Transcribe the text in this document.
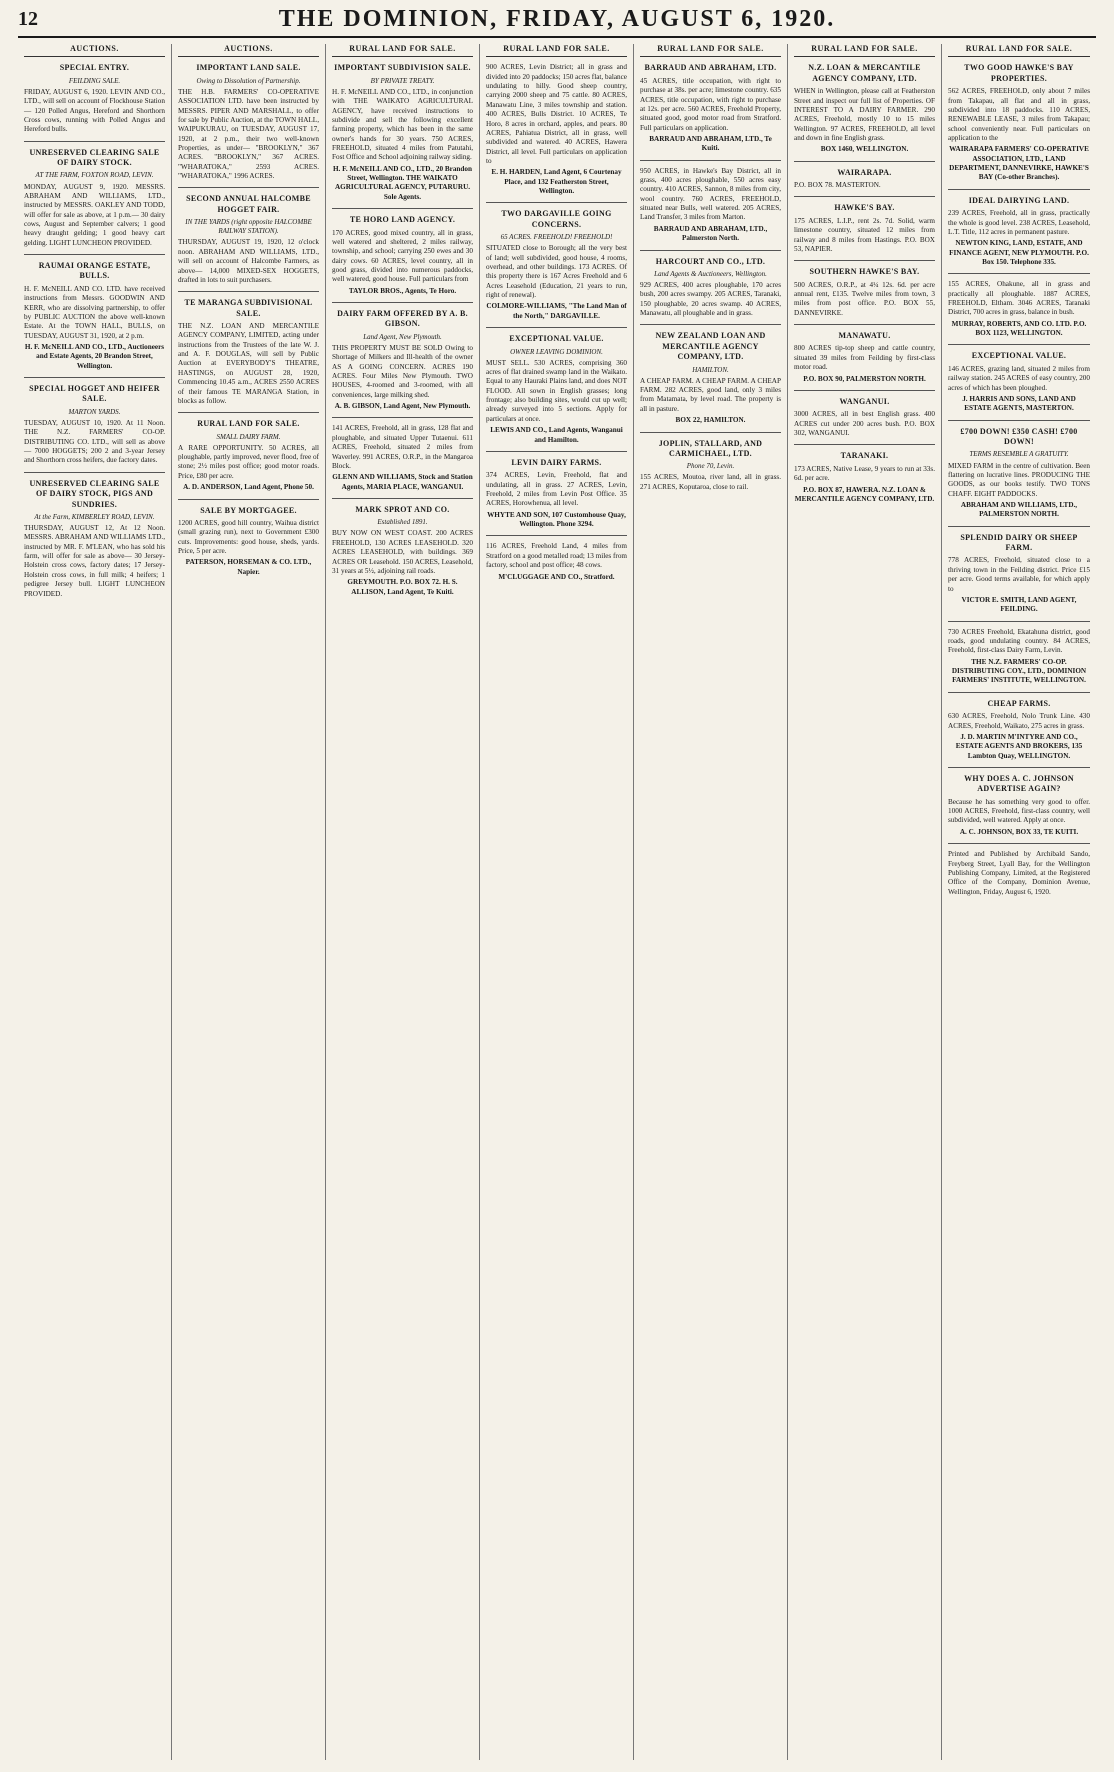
12	THE DOMINION, FRIDAY, AUGUST 6, 1920.
AUCTIONS.
SPECIAL ENTRY.
FEILDING SALE.
FRIDAY, AUGUST 6, 1920. LEVIN AND CO., LTD., will sell on account of Flockhouse Station— 120 Polled Angus, Hereford and Shorthorn Cross cows, running with Polled Angus and Hereford bulls.
UNRESERVED CLEARING SALE OF DAIRY STOCK.
AT THE FARM, FOXTON ROAD, LEVIN.
MONDAY, AUGUST 9, 1920. MESSRS. ABRAHAM AND WILLIAMS, LTD., instructed by MESSRS. OAKLEY AND TODD, will offer for sale as above, at 1 p.m.— 30 dairy cows, August and September calvers; 1 good heavy draught gelding; 1 good heavy cart gelding. LIGHT LUNCHEON PROVIDED.
RAUMAI ORANGE ESTATE, BULLS.
H. F. McNEILL AND CO. LTD. have received instructions from Messrs. GOODWIN AND KERR, who are dissolving partnership, to offer by PUBLIC AUCTION the above well-known Estate. At the TOWN HALL, BULLS, on TUESDAY, AUGUST 31, 1920, at 2 p.m.
H. F. McNEILL AND CO., LTD., Auctioneers and Estate Agents, 20 Brandon Street, Wellington.
SPECIAL HOGGET AND HEIFER SALE.
MARTON YARDS.
TUESDAY, AUGUST 10, 1920. At 11 Noon. THE N.Z. FARMERS' CO-OP. DISTRIBUTING CO. LTD., will sell as above— 7000 HOGGETS; 200 2 and 3-year Jersey and Shorthorn cross heifers, due factory dates.
UNRESERVED CLEARING SALE OF DAIRY STOCK, PIGS AND SUNDRIES.
At the Farm, KIMBERLEY ROAD, LEVIN.
THURSDAY, AUGUST 12, At 12 Noon. MESSRS. ABRAHAM AND WILLIAMS LTD., instructed by MR. F. M'LEAN, who has sold his farm, will offer for sale as above— 30 Jersey-Holstein cross cows, factory dates; 17 Jersey-Holstein cross cows, in full milk; 4 heifers; 1 pedigree Jersey bull. LIGHT LUNCHEON PROVIDED.
AUCTIONS.
IMPORTANT LAND SALE.
Owing to Dissolution of Partnership.
THE H.B. FARMERS' CO-OPERATIVE ASSOCIATION LTD. have been instructed by MESSRS. PIPER AND MARSHALL, to offer for sale by Public Auction, at the TOWN HALL, WAIPUKURAU, on TUESDAY, AUGUST 17, 1920, at 2 p.m., their two well-known Properties, as under— "BROOKLYN," 367 ACRES. "BROOKLYN," 367 ACRES. "WHARATOKA," 2593 ACRES. "WHARATOKA," 1996 ACRES.
SECOND ANNUAL HALCOMBE HOGGET FAIR.
IN THE YARDS (right opposite HALCOMBE RAILWAY STATION).
THURSDAY, AUGUST 19, 1920, 12 o'clock noon. ABRAHAM AND WILLIAMS, LTD., will sell on account of Halcombe Farmers, as above— 14,000 MIXED-SEX HOGGETS, drafted in lots to suit purchasers.
TE MARANGA SUBDIVISIONAL SALE.
THE N.Z. LOAN AND MERCANTILE AGENCY COMPANY, LIMITED, acting under instructions from the Trustees of the late W. J. and A. F. DOUGLAS, will sell by Public Auction at EVERYBODY'S THEATRE, HASTINGS, on AUGUST 28, 1920, Commencing 10.45 a.m., ACRES 2550 ACRES of their famous TE MARANGA Station, in blocks as follow.
RURAL LAND FOR SALE.
SMALL DAIRY FARM.
A RARE OPPORTUNITY. 50 ACRES, all ploughable, partly improved, never flood, free of stone; 2½ miles post office; good motor roads. Price, £80 per acre.
A. D. ANDERSON, Land Agent, Phone 50.
SALE BY MORTGAGEE.
1200 ACRES, good hill country, Waihua district (small grazing run), next to Government £300 cuts. Improvements: good house, sheds, yards. Price, 5 per acre.
PATERSON, HORSEMAN & CO. LTD., Napier.
RURAL LAND FOR SALE.
IMPORTANT SUBDIVISION SALE.
BY PRIVATE TREATY.
H. F. McNEILL AND CO., LTD., in conjunction with THE WAIKATO AGRICULTURAL AGENCY, have received instructions to subdivide and sell the following excellent farming property, which has been in the same owner's hands for 30 years. 750 ACRES, FREEHOLD, situated 4 miles from Patutahi, Fost Office and School adjoining railway siding.
H. F. McNEILL AND CO., LTD., 20 Brandon Street, Wellington. THE WAIKATO AGRICULTURAL AGENCY, PUTARURU. Sole Agents.
TE HORO LAND AGENCY.
170 ACRES, good mixed country, all in grass, well watered and sheltered, 2 miles railway, township, and school; carrying 250 ewes and 30 dairy cows. 60 ACRES, level country, all in good grass, divided into numerous paddocks, well watered, good house. Full particulars from
TAYLOR BROS., Agents, Te Horo.
DAIRY FARM OFFERED BY A. B. GIBSON.
Land Agent, New Plymouth.
THIS PROPERTY MUST BE SOLD Owing to Shortage of Milkers and Ill-health of the owner AS A GOING CONCERN. ACRES 190 ACRES. Four Miles New Plymouth. TWO HOUSES, 4-roomed and 3-roomed, with all conveniences, large milking shed.
A. B. GIBSON, Land Agent, New Plymouth.
141 ACRES, Freehold, all in grass, 128 flat and ploughable, and situated Upper Tutaenui. 611 ACRES, Freehold, situated 2 miles from Waverley. 991 ACRES, O.R.P., in the Mangaroa Block.
GLENN AND WILLIAMS, Stock and Station Agents, MARIA PLACE, WANGANUI.
MARK SPROT AND CO.
Established 1891.
BUY NOW ON WEST COAST. 200 ACRES FREEHOLD, 130 ACRES LEASEHOLD. 320 ACRES LEASEHOLD, with buildings. 369 ACRES OR Leasehold. 150 ACRES, Leasehold, 31 years at 5½, adjoining rail roads.
GREYMOUTH. P.O. BOX 72. H. S. ALLISON, Land Agent, Te Kuiti.
RURAL LAND FOR SALE.
900 ACRES, Levin District; all in grass and divided into 20 paddocks; 150 acres flat, balance undulating to hilly. Good sheep country, carrying 2000 sheep and 75 cattle. 80 ACRES, Manawatu Line, 3 miles township and station. 400 ACRES, Bulls District. 10 ACRES, Te Horo, 8 acres in orchard, apples, and pears. 80 ACRES, Pahiatua District, all in grass, well subdivided and watered. 40 ACRES, Hawera District, all level. Full particulars on application to
E. H. HARDEN, Land Agent, 6 Courtenay Place, and 132 Featherston Street, Wellington.
TWO DARGAVILLE GOING CONCERNS.
65 ACRES. FREEHOLD! FREEHOLD!
SITUATED close to Borough; all the very best of land; well subdivided, good house, 4 rooms, overhead, and other buildings. 173 ACRES. Of this property there is 167 Acres Freehold and 6 Acres Leasehold (Education, 21 years to run, right of renewal).
COLMORE-WILLIAMS, "The Land Man of the North," DARGAVILLE.
EXCEPTIONAL VALUE.
OWNER LEAVING DOMINION.
MUST SELL. 530 ACRES, comprising 360 acres of flat drained swamp land in the Waikato. Equal to any Hauraki Plains land, and does NOT FLOOD. All sown in English grasses; long frontage; also building sites, would cut up well; already surveyed into 5 sections. Apply for particulars at once.
LEWIS AND CO., Land Agents, Wanganui and Hamilton.
LEVIN DAIRY FARMS.
374 ACRES, Levin, Freehold, flat and undulating, all in grass. 27 ACRES, Levin, Freehold, 2 miles from Levin Post Office. 35 ACRES, Horowhenua, all level.
WHYTE AND SON, 107 Customhouse Quay, Wellington. Phone 3294.
116 ACRES, Freehold Land, 4 miles from Stratford on a good metalled road; 13 miles from factory, school and post office; 48 cows.
M'CLUGGAGE AND CO., Stratford.
RURAL LAND FOR SALE.
BARRAUD AND ABRAHAM, LTD.
45 ACRES, title occupation, with right to purchase at 38s. per acre; limestone country. 635 ACRES, title occupation, with right to purchase at 12s. per acre. 560 ACRES, Freehold Property, situated good, good motor road from Stratford. Full particulars on application.
BARRAUD AND ABRAHAM, LTD., Te Kuiti.
950 ACRES, in Hawke's Bay District, all in grass, 400 acres ploughable, 550 acres easy country. 410 ACRES, Sannon, 8 miles from city, wool country. 760 ACRES, FREEHOLD, situated near Bulls, well watered. 205 ACRES, Land Transfer, 3 miles from Marton.
BARRAUD AND ABRAHAM, LTD., Palmerston North.
HARCOURT AND CO., LTD.
Land Agents & Auctioneers, Wellington.
929 ACRES, 400 acres ploughable, 170 acres bush, 200 acres swampy. 205 ACRES, Taranaki, 150 ploughable, 20 acres swamp. 40 ACRES, Manawatu, all ploughable and in grass.
NEW ZEALAND LOAN AND MERCANTILE AGENCY COMPANY, LTD.
HAMILTON.
A CHEAP FARM. A CHEAP FARM. A CHEAP FARM. 282 ACRES, good land, only 3 miles from Matamata, by level road. The property is all in pasture.
BOX 22, HAMILTON.
JOPLIN, STALLARD, AND CARMICHAEL, LTD.
Phone 70, Levin.
155 ACRES, Moutoa, river land, all in grass. 271 ACRES, Koputaroa, close to rail.
RURAL LAND FOR SALE.
N.Z. LOAN & MERCANTILE AGENCY COMPANY, LTD.
WHEN in Wellington, please call at Featherston Street and inspect our full list of Properties. OF INTEREST TO A DAIRY FARMER. 290 ACRES, Freehold, mostly 10 to 15 miles Wellington. 97 ACRES, FREEHOLD, all level and down in fine English grass.
BOX 1460, WELLINGTON.
WAIRARAPA.
P.O. BOX 78. MASTERTON.
HAWKE'S BAY.
175 ACRES, L.I.P., rent 2s. 7d. Solid, warm limestone country, situated 12 miles from railway and 8 miles from Hastings. P.O. BOX 53, NAPIER.
SOUTHERN HAWKE'S BAY.
500 ACRES, O.R.P., at 4¼ 12s. 6d. per acre annual rent, £135. Twelve miles from town, 3 miles from post office. P.O. BOX 55, DANNEVIRKE.
MANAWATU.
800 ACRES tip-top sheep and cattle country, situated 39 miles from Feilding by first-class motor road.
P.O. BOX 90, PALMERSTON NORTH.
WANGANUI.
3000 ACRES, all in best English grass. 400 ACRES cut under 200 acres bush. P.O. BOX 302, WANGANUI.
TARANAKI.
173 ACRES, Native Lease, 9 years to run at 33s. 6d. per acre.
P.O. BOX 87, HAWERA. N.Z. LOAN & MERCANTILE AGENCY COMPANY, LTD.
RURAL LAND FOR SALE.
TWO GOOD HAWKE'S BAY PROPERTIES.
562 ACRES, FREEHOLD, only about 7 miles from Takapau, all flat and all in grass, subdivided into 18 paddocks. 110 ACRES, RENEWABLE LEASE, 3 miles from Takapau; school conveniently near. Full particulars on application to the
WAIRARAPA FARMERS' CO-OPERATIVE ASSOCIATION, LTD., LAND DEPARTMENT, DANNEVIRKE, HAWKE'S BAY (Co-other Branches).
IDEAL DAIRYING LAND.
239 ACRES, Freehold, all in grass, practically the whole is good level. 238 ACRES, Leasehold, L.T. Title, 112 acres in permanent pasture.
NEWTON KING, LAND, ESTATE, AND FINANCE AGENT, NEW PLYMOUTH. P.O. Box 150. Telephone 335.
155 ACRES, Ohakune, all in grass and practically all ploughable. 1887 ACRES, FREEHOLD, Eltham. 3046 ACRES, Taranaki District, 700 acres in grass, balance in bush.
MURRAY, ROBERTS, AND CO. LTD. P.O. BOX 1123, WELLINGTON.
EXCEPTIONAL VALUE.
146 ACRES, grazing land, situated 2 miles from railway station. 245 ACRES of easy country, 200 acres of which has been ploughed.
J. HARRIS AND SONS, LAND AND ESTATE AGENTS, MASTERTON.
£700 DOWN! £350 CASH! £700 DOWN!
TERMS RESEMBLE A GRATUITY.
MIXED FARM in the centre of cultivation. Been flattering on lucrative lines. PRODUCING THE GOODS, as our books testify. TWO TONS CHAFF. EIGHT PADDOCKS.
ABRAHAM AND WILLIAMS, LTD., PALMERSTON NORTH.
SPLENDID DAIRY OR SHEEP FARM.
778 ACRES, Freehold, situated close to a thriving town in the Feilding district. Price £15 per acre. Good terms available, for which apply to
VICTOR E. SMITH, LAND AGENT, FEILDING.
730 ACRES Freehold, Ekatahuna district, good roads, good undulating country. 84 ACRES, Freehold, first-class Dairy Farm, Levin.
THE N.Z. FARMERS' CO-OP. DISTRIBUTING COY., LTD., DOMINION FARMERS' INSTITUTE, WELLINGTON.
CHEAP FARMS.
630 ACRES, Freehold, Nolo Trunk Line. 430 ACRES, Freehold, Waikato, 275 acres in grass.
J. D. MARTIN M'INTYRE AND CO., ESTATE AGENTS AND BROKERS, 135 Lambton Quay, WELLINGTON.
WHY DOES A. C. JOHNSON ADVERTISE AGAIN?
Because he has something very good to offer. 1000 ACRES, Freehold, first-class country, well subdivided, well watered. Apply at once.
A. C. JOHNSON, BOX 33, TE KUITI.
Printed and Published by Archibald Sando, Freyberg Street, Lyall Bay, for the Wellington Publishing Company, Limited, at the Registered Office of the Company, Dominion Avenue, Wellington, Friday, August 6, 1920.
